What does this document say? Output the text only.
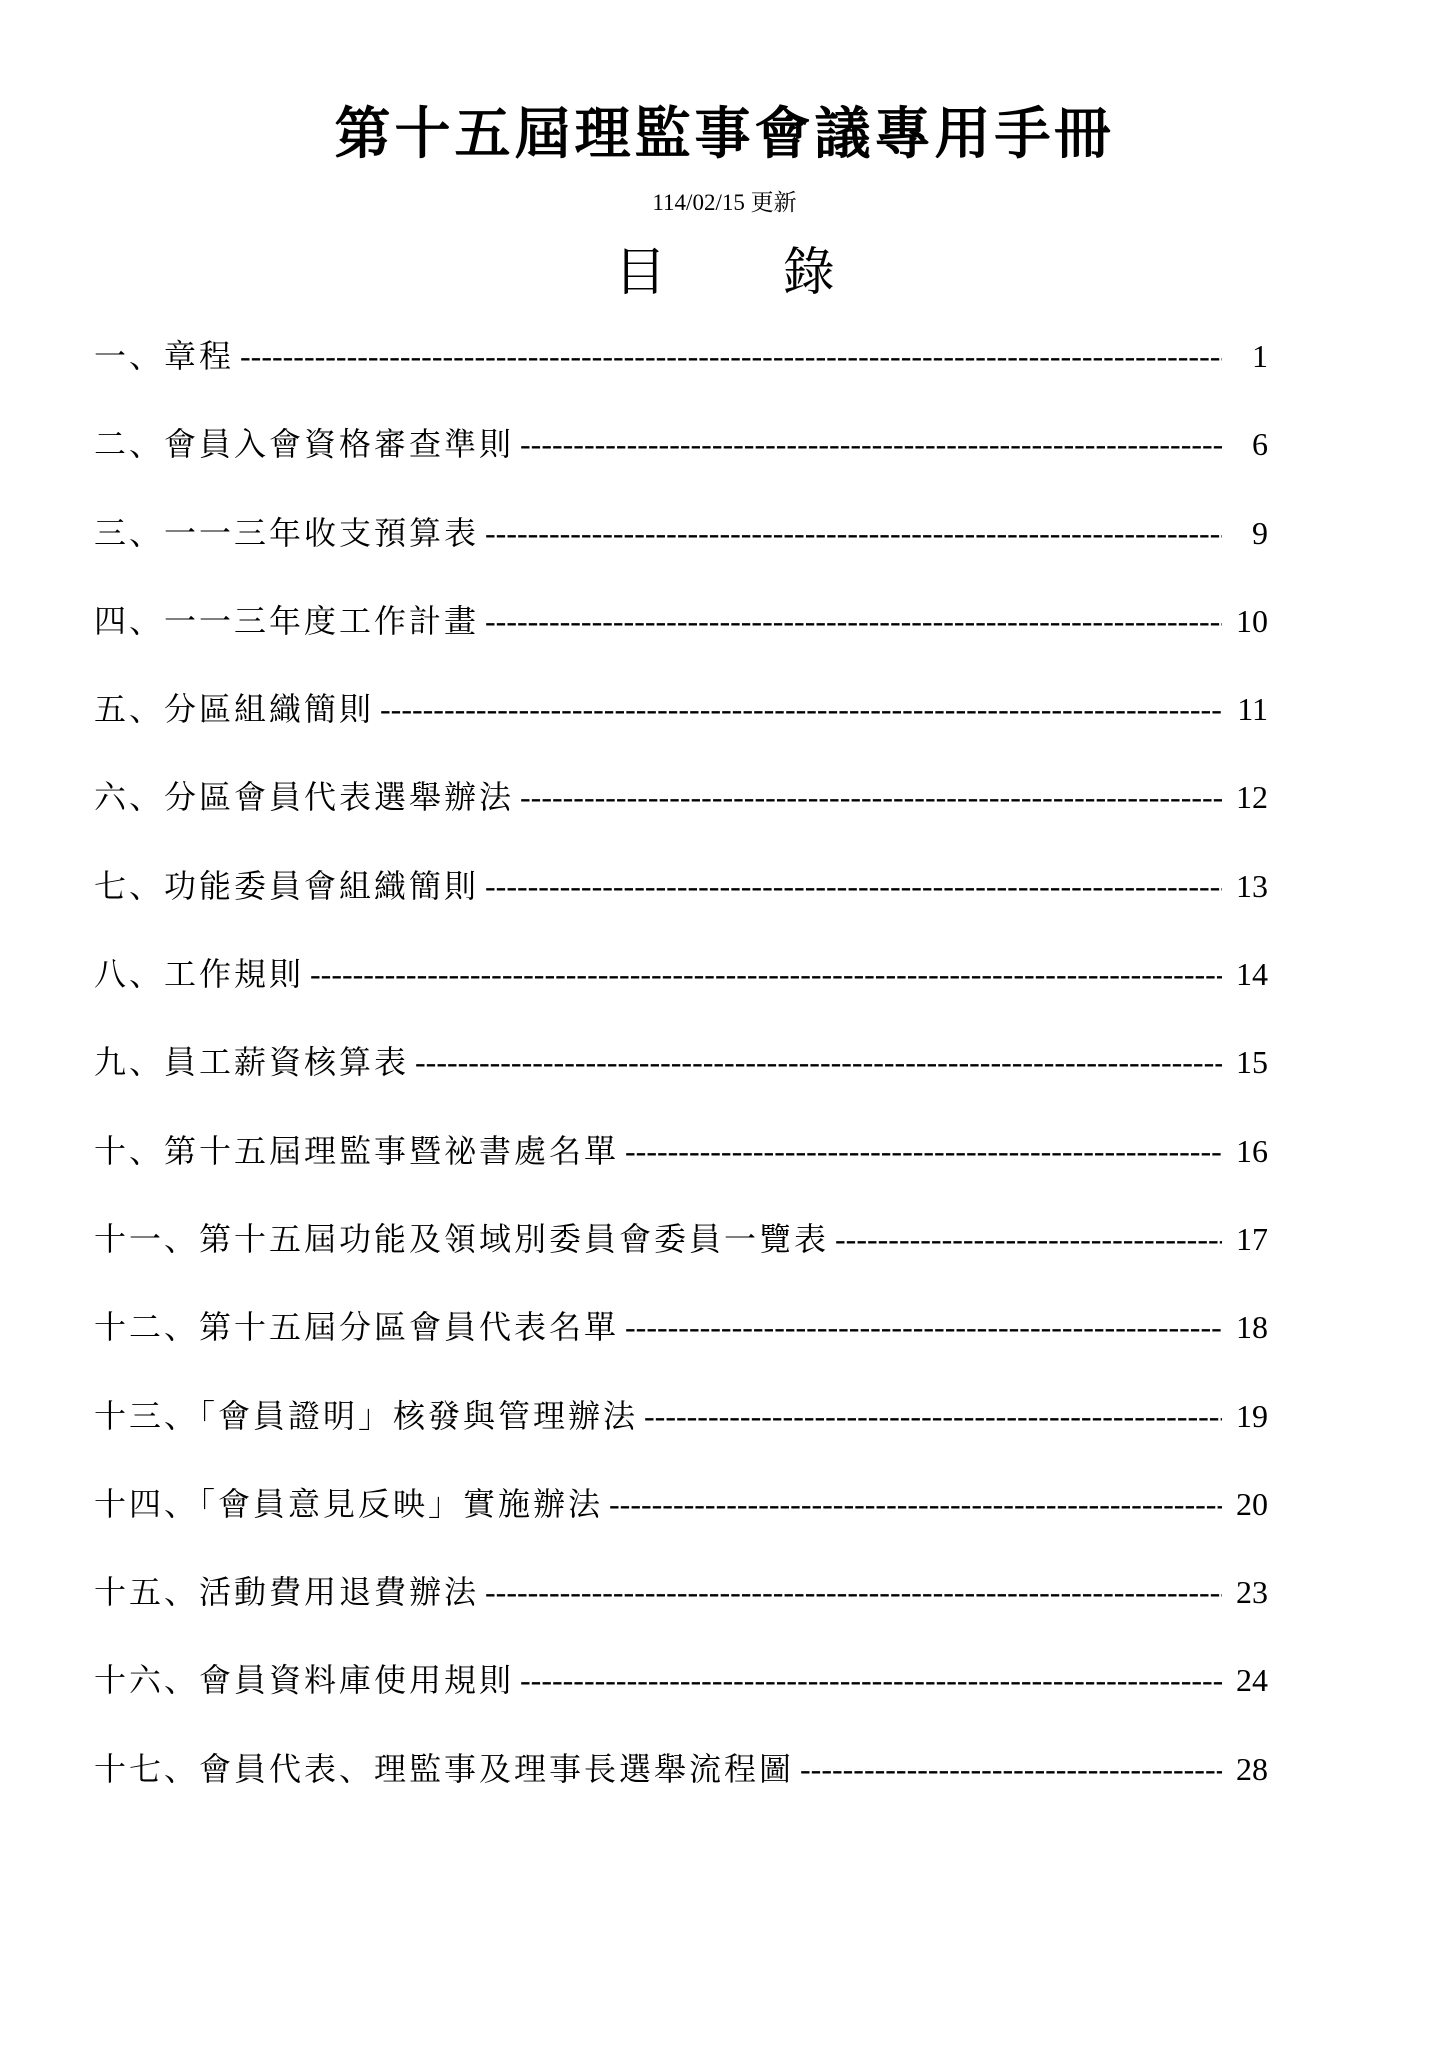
第十五屆理監事會議專用手冊
114/02/15 更新
目 錄
一、章程 -----	1
二、會員入會資格審查準則 -----	6
三、一一三年收支預算表 -----	9
四、一一三年度工作計畫 -----	10
五、分區組織簡則 -----	11
六、分區會員代表選舉辦法 -----	12
七、功能委員會組織簡則 -----	13
八、工作規則 -----	14
九、員工薪資核算表 -----	15
十、第十五屆理監事暨祕書處名單 -----	16
十一、第十五屆功能及領域別委員會委員一覽表 -----	17
十二、第十五屆分區會員代表名單 -----	18
十三、「會員證明」核發與管理辦法 -----	19
十四、「會員意見反映」實施辦法 -----	20
十五、活動費用退費辦法 -----	23
十六、會員資料庫使用規則 -----	24
十七、會員代表、理監事及理事長選舉流程圖 -----	28
